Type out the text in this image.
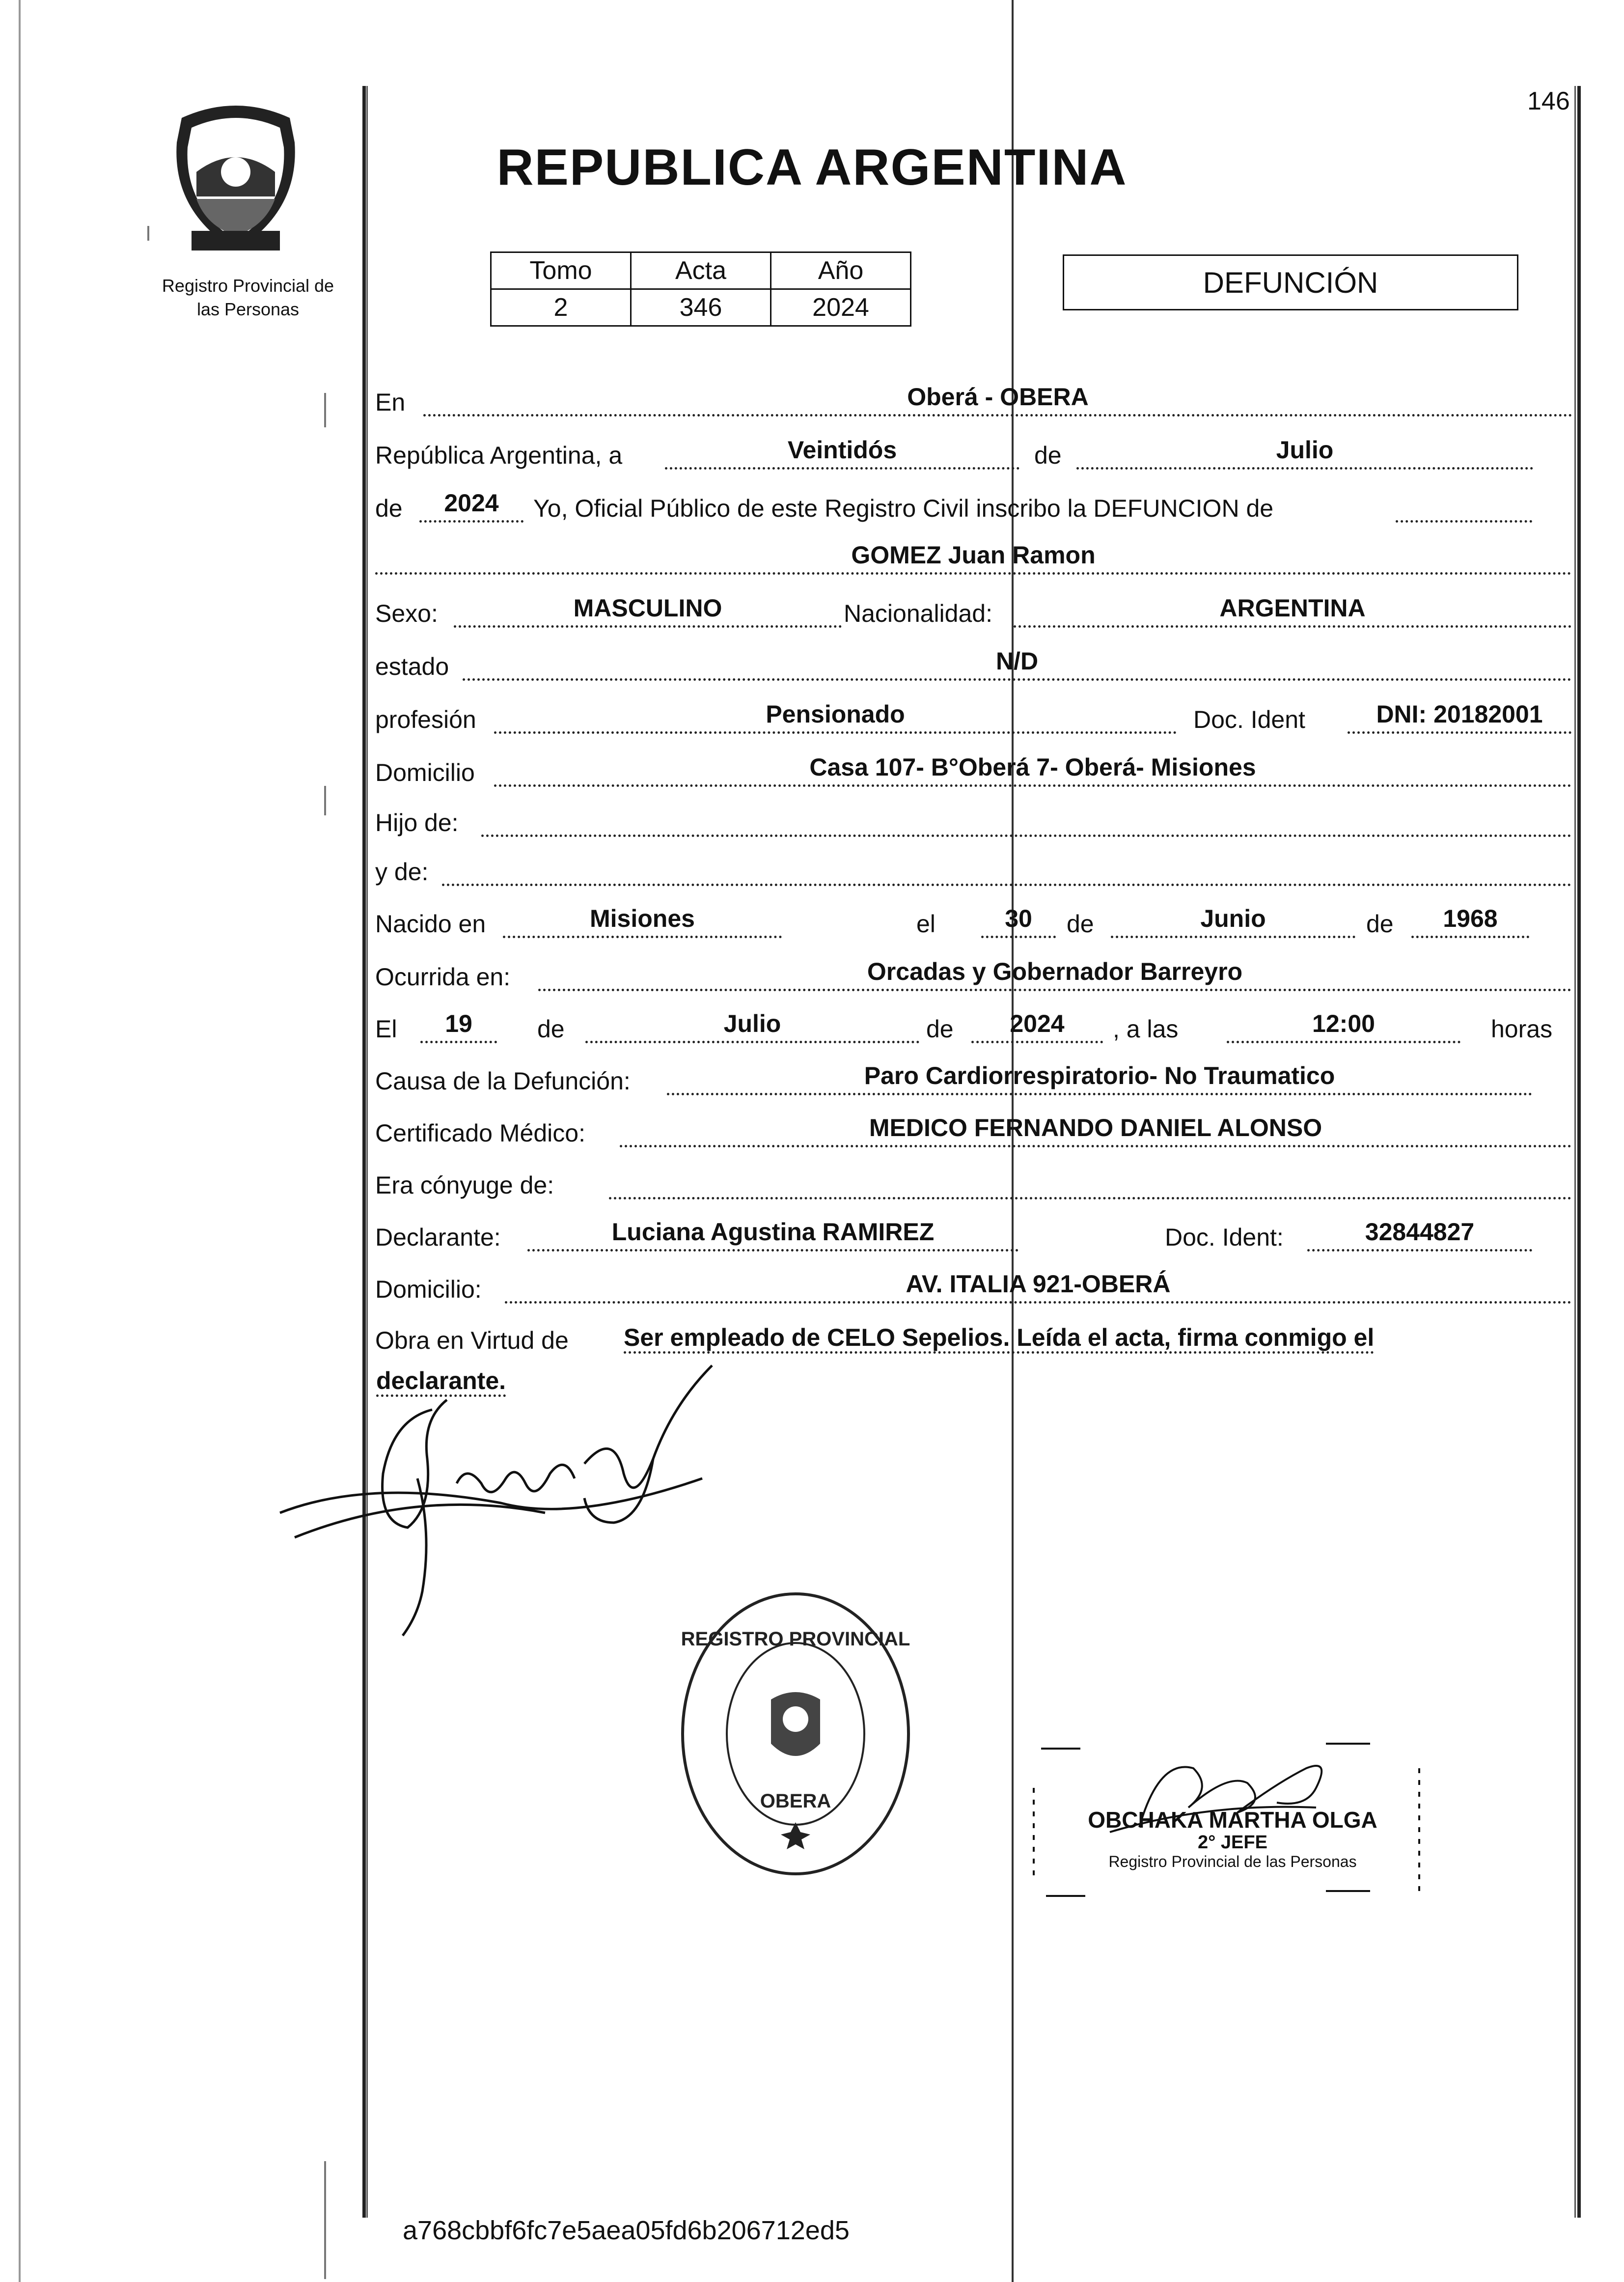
146
Registro Provincial de
las Personas
REPUBLICA ARGENTINA
Tomo	Acta	Año
2	346	2024
DEFUNCIÓN
En	Oberá - OBERA
República Argentina, a	Veintidós	de	Julio
de	2024	Yo, Oficial Público de este Registro Civil inscribo la DEFUNCION de
GOMEZ Juan Ramon
Sexo:	MASCULINO	Nacionalidad:	ARGENTINA
estado	N/D
profesión	Pensionado	Doc. Ident	DNI: 20182001
Domicilio	Casa 107- B°Oberá 7- Oberá- Misiones
Hijo de:
y de:
Nacido en	Misiones	el	30	de	Junio	de	1968
Ocurrida en:	Orcadas y Gobernador Barreyro
El	19	de	Julio	de	2024	, a las	12:00	horas
Causa de la Defunción:	Paro Cardiorrespiratorio- No Traumatico
Certificado Médico:	MEDICO FERNANDO DANIEL ALONSO
Era cónyuge de:
Declarante:	Luciana Agustina RAMIREZ	Doc. Ident:	32844827
Domicilio:	AV. ITALIA 921-OBERÁ
Obra en Virtud de Ser empleado de CELO Sepelios. Leída el acta, firma conmigo el
declarante.
REGISTRO PROVINCIAL
OBERA
OBCHAKA MARTHA OLGA
2° JEFE
Registro Provincial de las Personas
a768cbbf6fc7e5aea05fd6b206712ed5
